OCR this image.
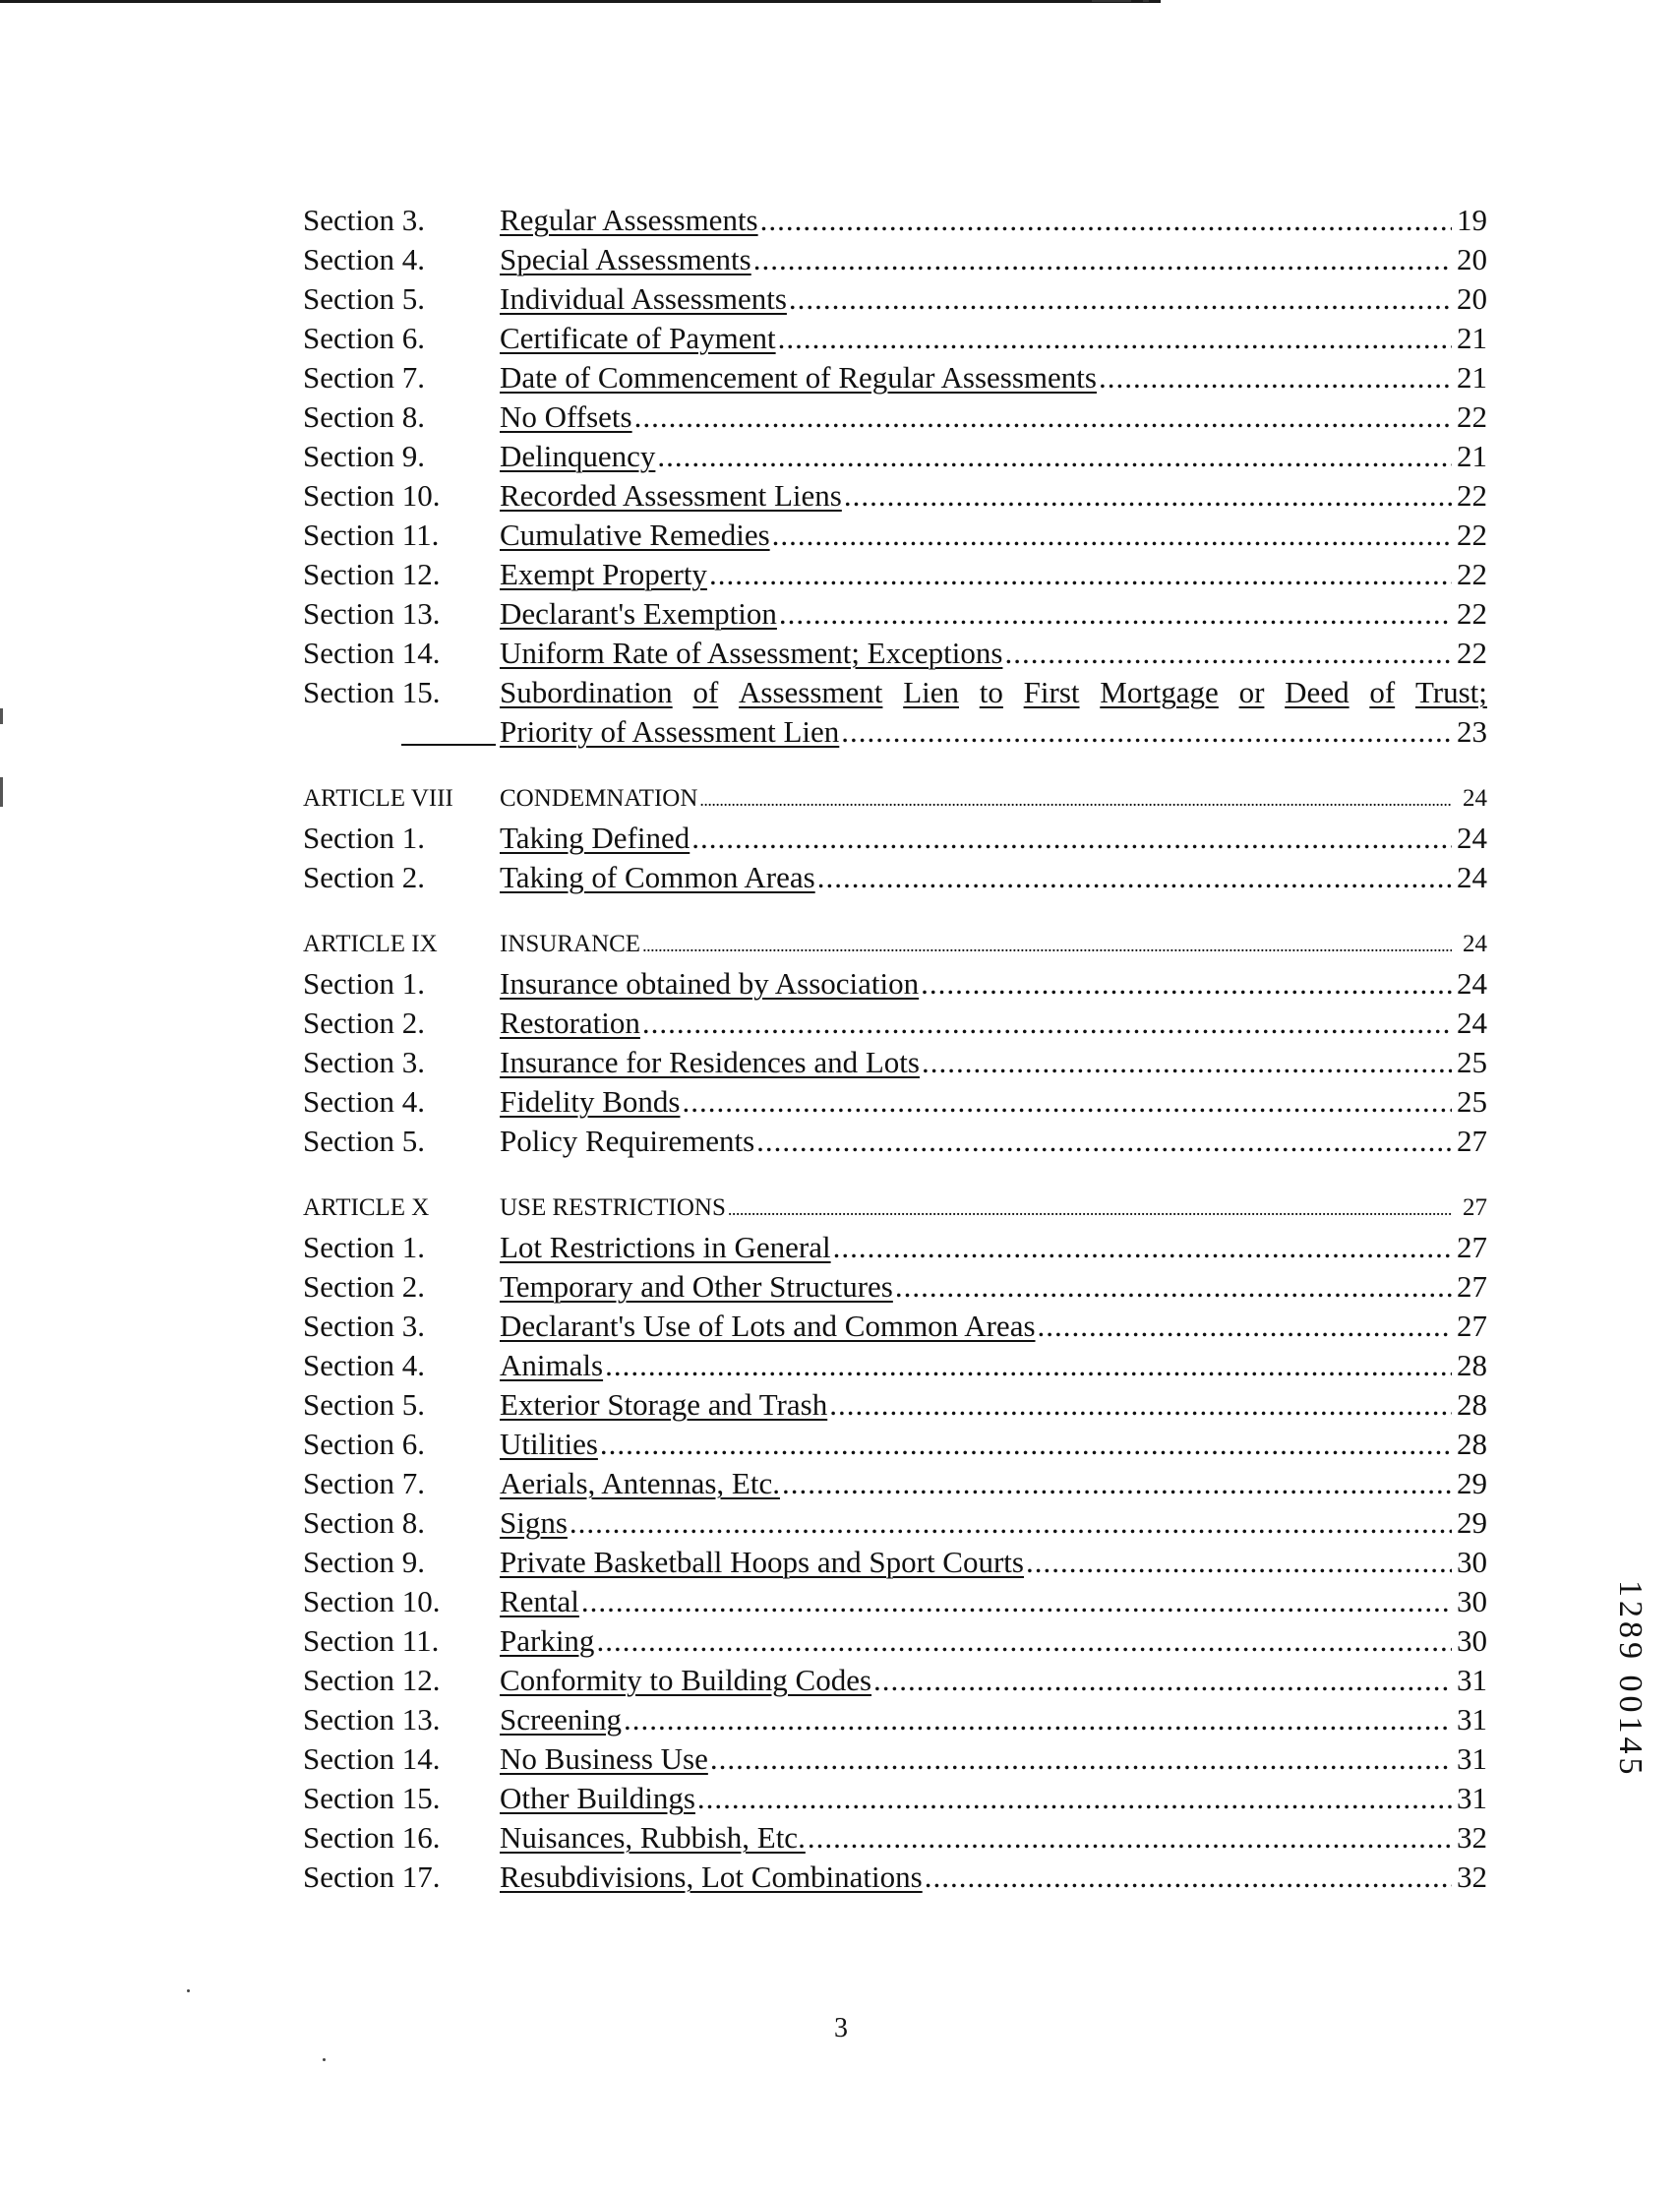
Section 3.	Regular Assessments .....	19
Section 4.	Special Assessments .....	20
Section 5.	Individual Assessments .....	20
Section 6.	Certificate of Payment .....	21
Section 7.	Date of Commencement of Regular Assessments .....	21
Section 8.	No Offsets .....	22
Section 9.	Delinquency .....	21
Section 10.	Recorded Assessment Liens .....	22
Section 11.	Cumulative Remedies .....	22
Section 12.	Exempt Property .....	22
Section 13.	Declarant's Exemption .....	22
Section 14.	Uniform Rate of Assessment; Exceptions .....	22
Section 15.	Subordination of Assessment Lien to First Mortgage or Deed of Trust;
Priority of Assessment Lien .....	23
ARTICLE VIII	CONDEMNATION .....	24
Section 1.	Taking Defined .....	24
Section 2.	Taking of Common Areas .....	24
ARTICLE IX	INSURANCE .....	24
Section 1.	Insurance obtained by Association .....	24
Section 2.	Restoration .....	24
Section 3.	Insurance for Residences and Lots .....	25
Section 4.	Fidelity Bonds .....	25
Section 5.	Policy Requirements .....	27
ARTICLE X	USE RESTRICTIONS .....	27
Section 1.	Lot Restrictions in General .....	27
Section 2.	Temporary and Other Structures .....	27
Section 3.	Declarant's Use of Lots and Common Areas .....	27
Section 4.	Animals .....	28
Section 5.	Exterior Storage and Trash .....	28
Section 6.	Utilities .....	28
Section 7.	Aerials, Antennas, Etc. .....	29
Section 8.	Signs .....	29
Section 9.	Private Basketball Hoops and Sport Courts .....	30
Section 10.	Rental .....	30
Section 11.	Parking .....	30
Section 12.	Conformity to Building Codes .....	31
Section 13.	Screening .....	31
Section 14.	No Business Use .....	31
Section 15.	Other Buildings .....	31
Section 16.	Nuisances, Rubbish, Etc. .....	32
Section 17.	Resubdivisions, Lot Combinations .....	32
3
1289 00145
